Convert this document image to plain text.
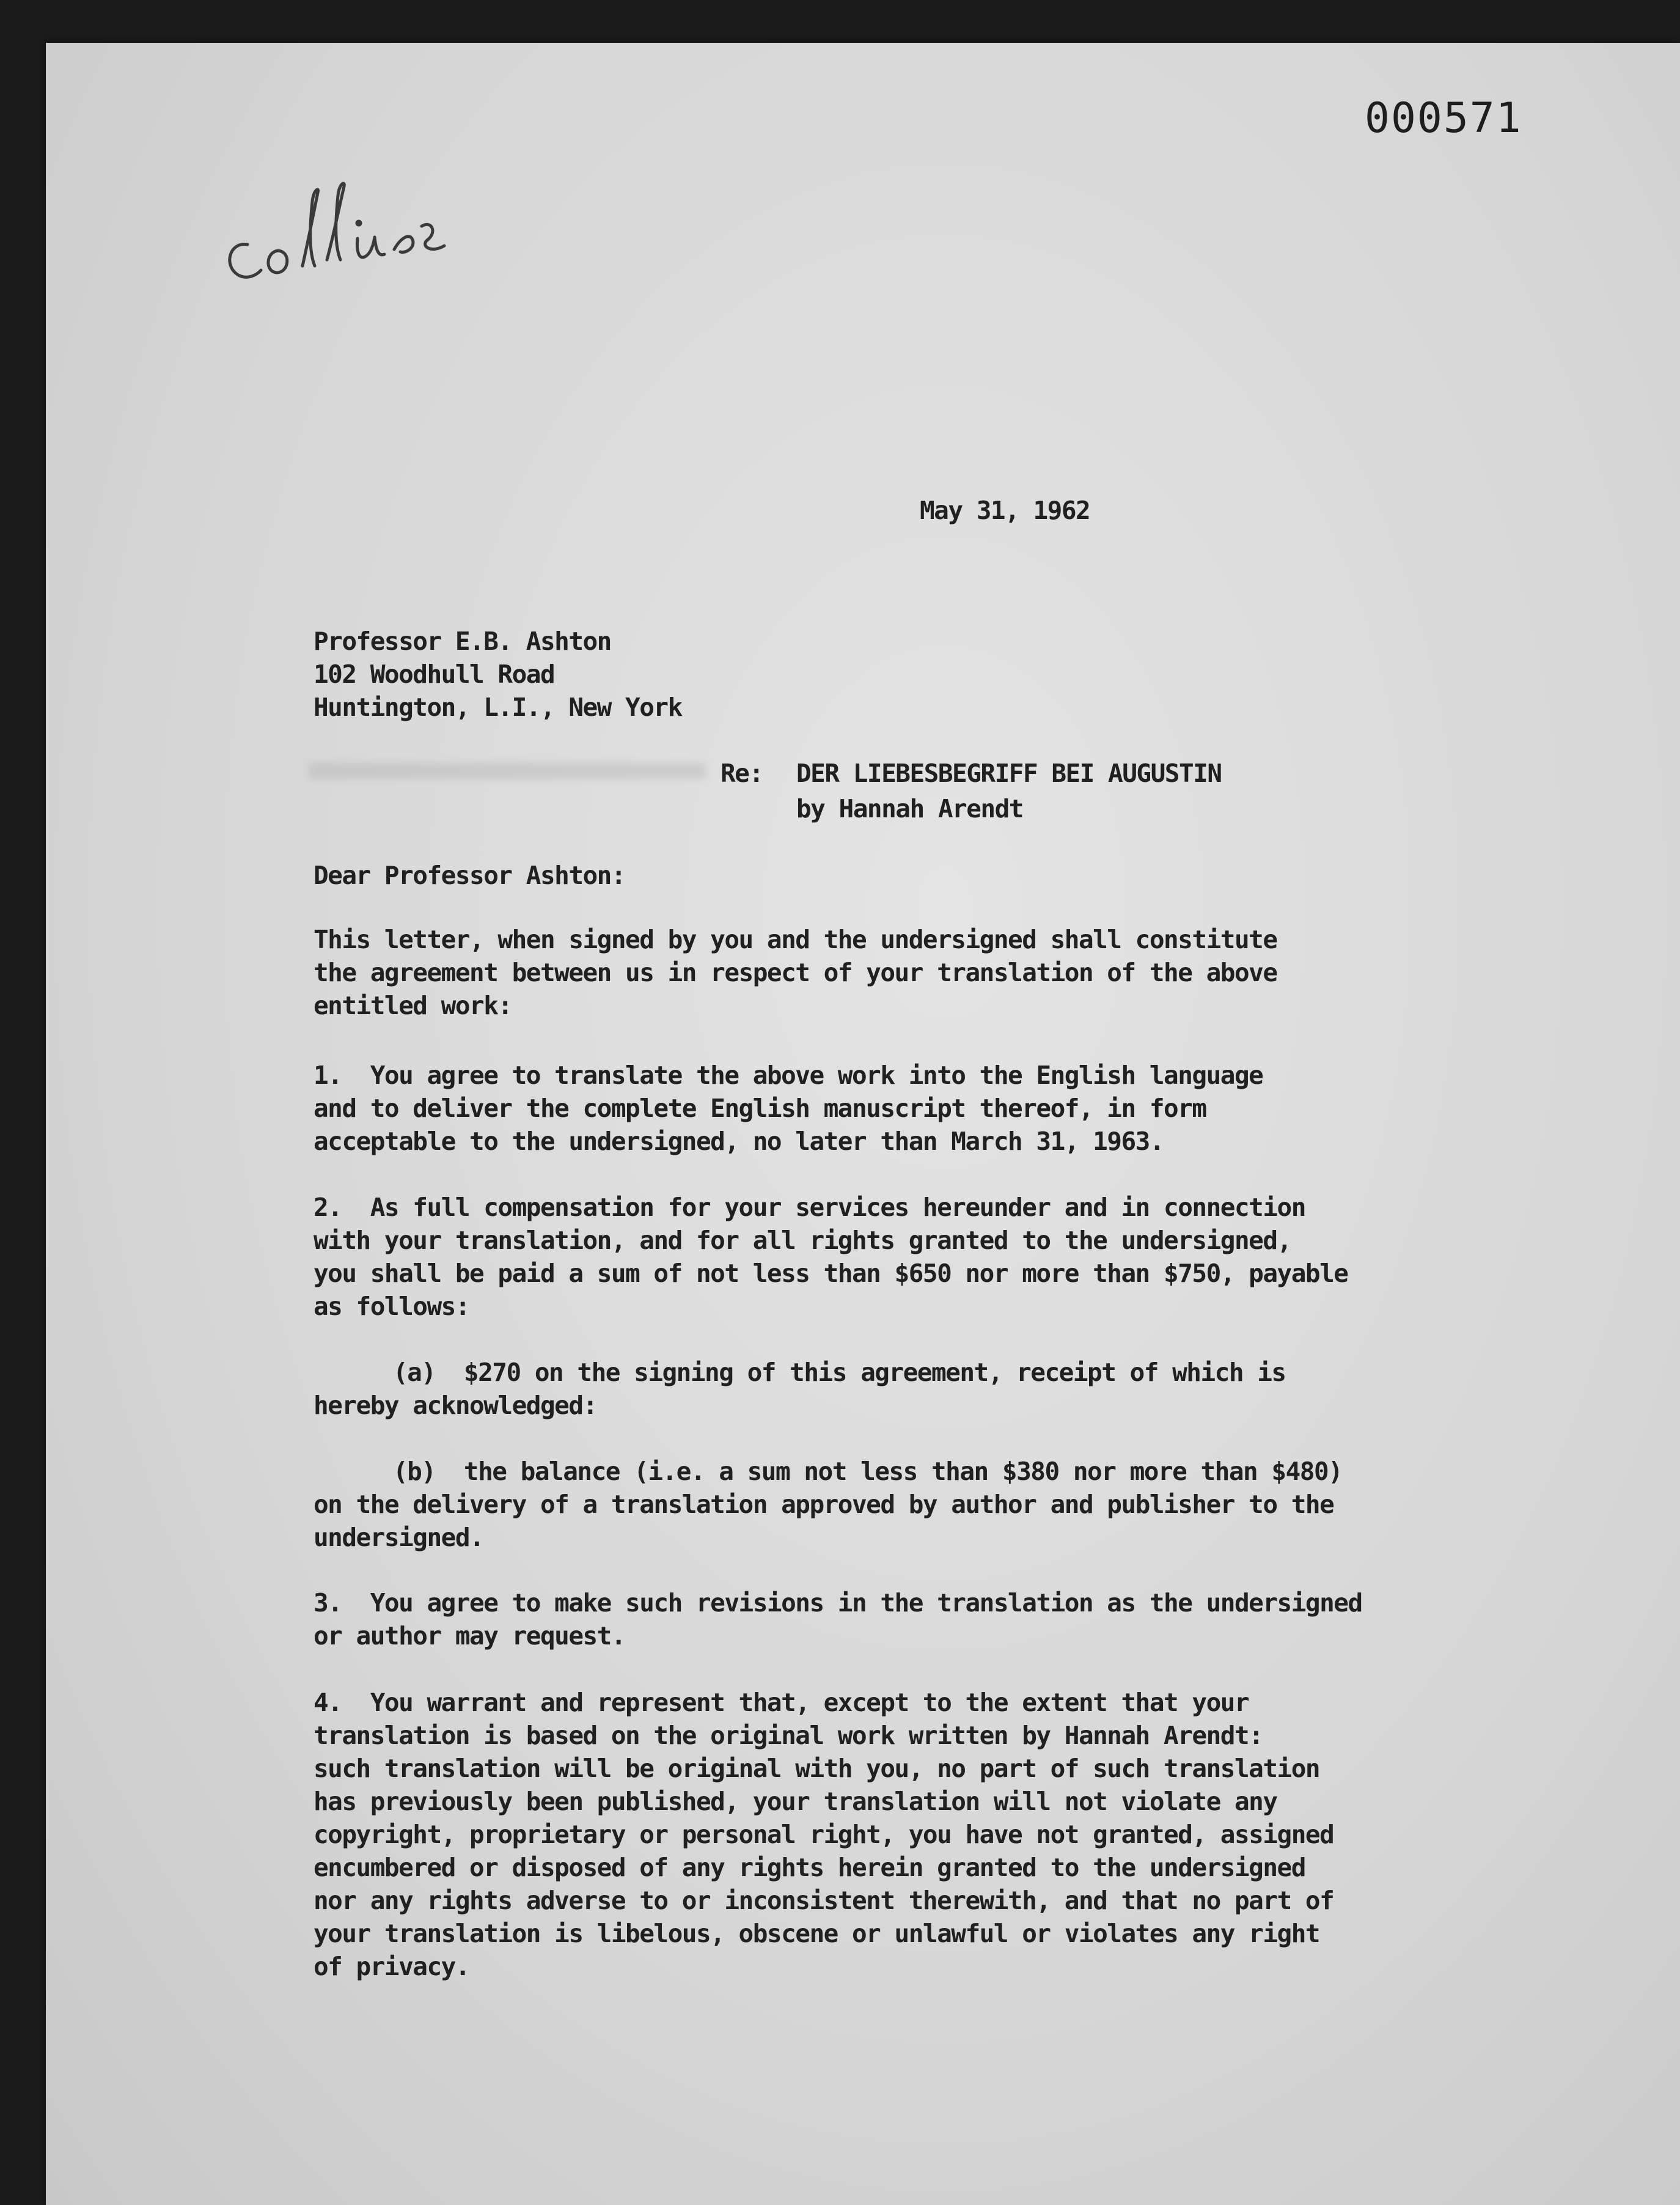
000571
May 31, 1962
Professor E.B. Ashton
102 Woodhull Road
Huntington, L.I., New York
Re: DER LIEBESBEGRIFF BEI AUGUSTIN
by Hannah Arendt
Dear Professor Ashton:
This letter, when signed by you and the undersigned shall constitute
the agreement between us in respect of your translation of the above
entitled work:
1.  You agree to translate the above work into the English language
and to deliver the complete English manuscript thereof, in form
acceptable to the undersigned, no later than March 31, 1963.
2.  As full compensation for your services hereunder and in connection
with your translation, and for all rights granted to the undersigned,
you shall be paid a sum of not less than $650 nor more than $750, payable
as follows:
(a)  $270 on the signing of this agreement, receipt of which is
hereby acknowledged:
(b)  the balance (i.e. a sum not less than $380 nor more than $480)
on the delivery of a translation approved by author and publisher to the
undersigned.
3.  You agree to make such revisions in the translation as the undersigned
or author may request.
4.  You warrant and represent that, except to the extent that your
translation is based on the original work written by Hannah Arendt:
such translation will be original with you, no part of such translation
has previously been published, your translation will not violate any
copyright, proprietary or personal right, you have not granted, assigned
encumbered or disposed of any rights herein granted to the undersigned
nor any rights adverse to or inconsistent therewith, and that no part of
your translation is libelous, obscene or unlawful or violates any right
of privacy.
